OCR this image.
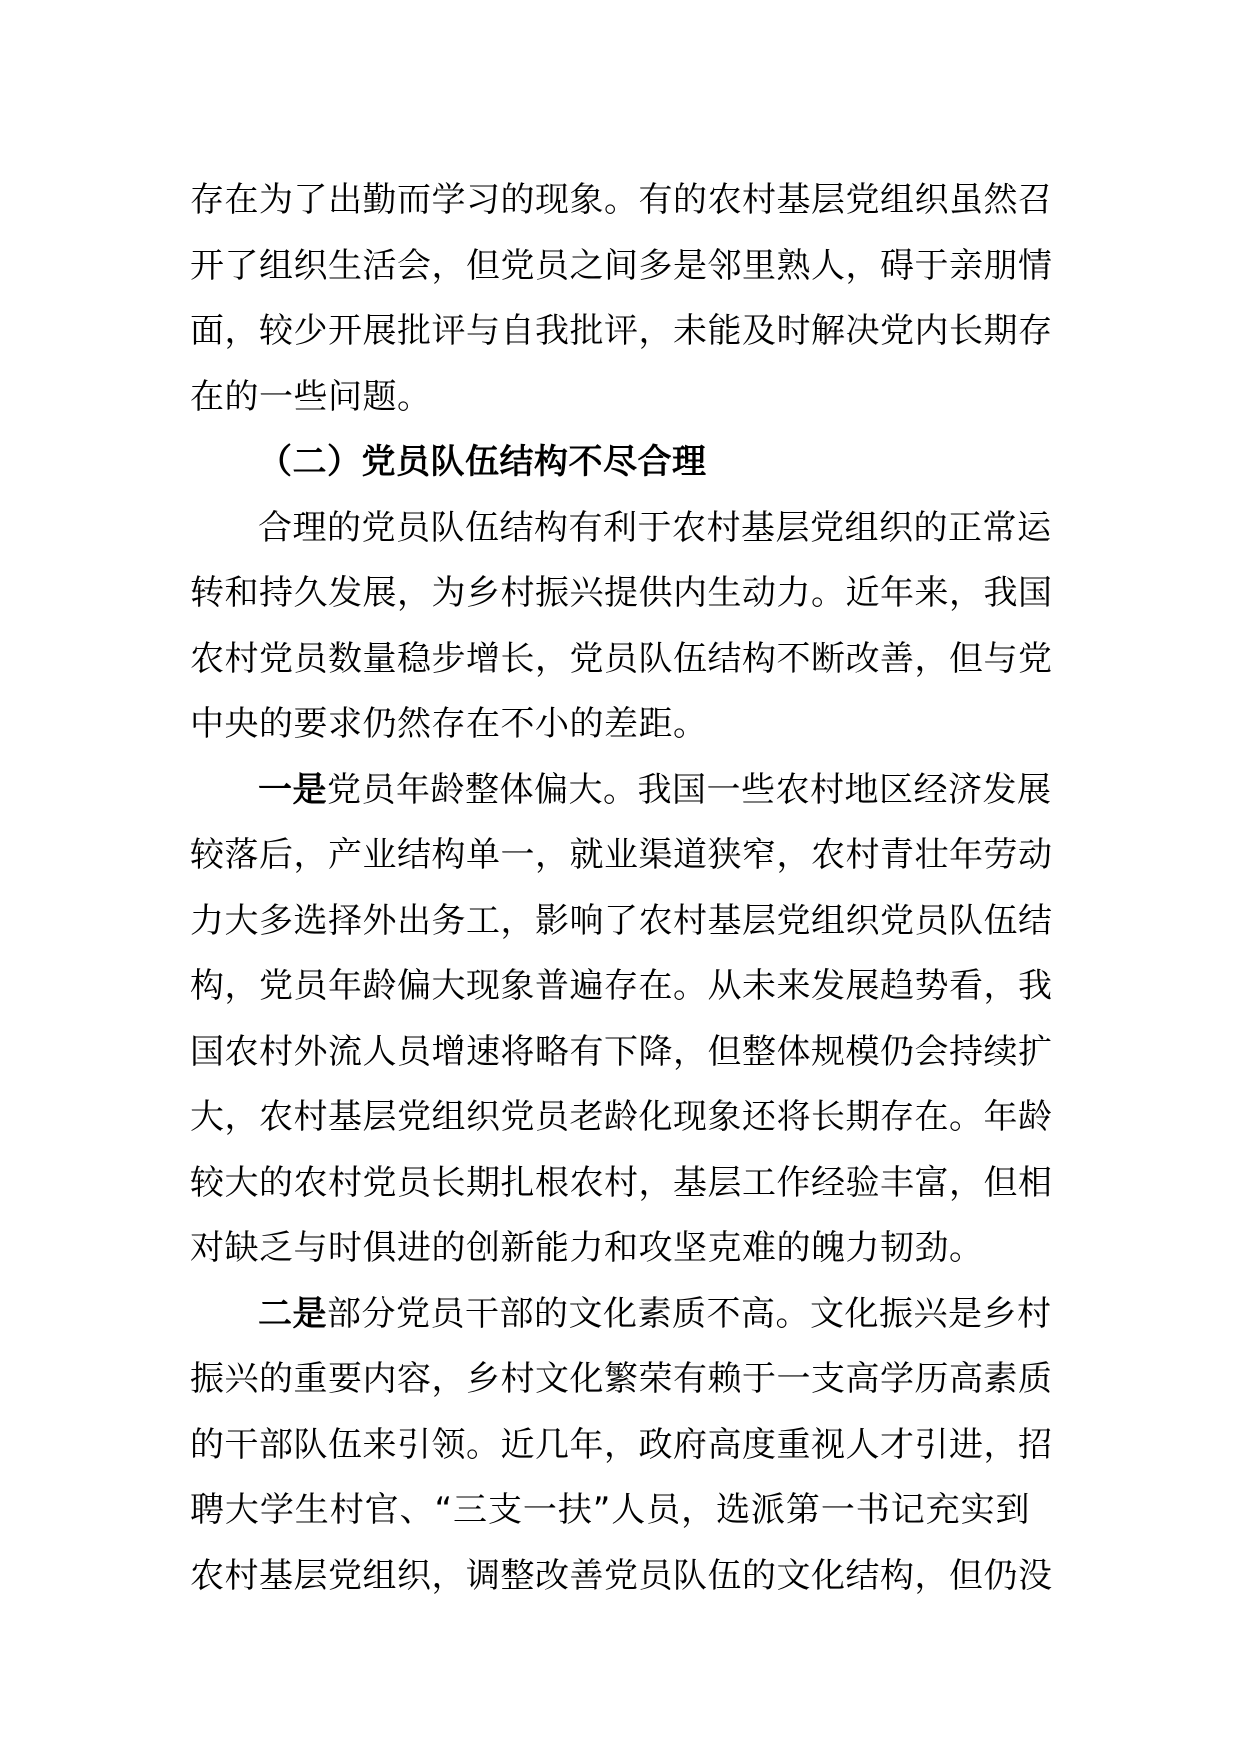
存在为了出勤而学习的现象。有的农村基层党组织虽然召
开了组织生活会，但党员之间多是邻里熟人，碍于亲朋情
面，较少开展批评与自我批评，未能及时解决党内长期存
在的一些问题。
（二）党员队伍结构不尽合理
合理的党员队伍结构有利于农村基层党组织的正常运
转和持久发展，为乡村振兴提供内生动力。近年来，我国
农村党员数量稳步增长，党员队伍结构不断改善，但与党
中央的要求仍然存在不小的差距。
一是党员年龄整体偏大。我国一些农村地区经济发展
较落后，产业结构单一，就业渠道狭窄，农村青壮年劳动
力大多选择外出务工，影响了农村基层党组织党员队伍结
构，党员年龄偏大现象普遍存在。从未来发展趋势看，我
国农村外流人员增速将略有下降，但整体规模仍会持续扩
大，农村基层党组织党员老龄化现象还将长期存在。年龄
较大的农村党员长期扎根农村，基层工作经验丰富，但相
对缺乏与时俱进的创新能力和攻坚克难的魄力韧劲。
二是部分党员干部的文化素质不高。文化振兴是乡村
振兴的重要内容，乡村文化繁荣有赖于一支高学历高素质
的干部队伍来引领。近几年，政府高度重视人才引进，招
聘大学生村官、“三支一扶”人员，选派第一书记充实到
农村基层党组织，调整改善党员队伍的文化结构，但仍没
